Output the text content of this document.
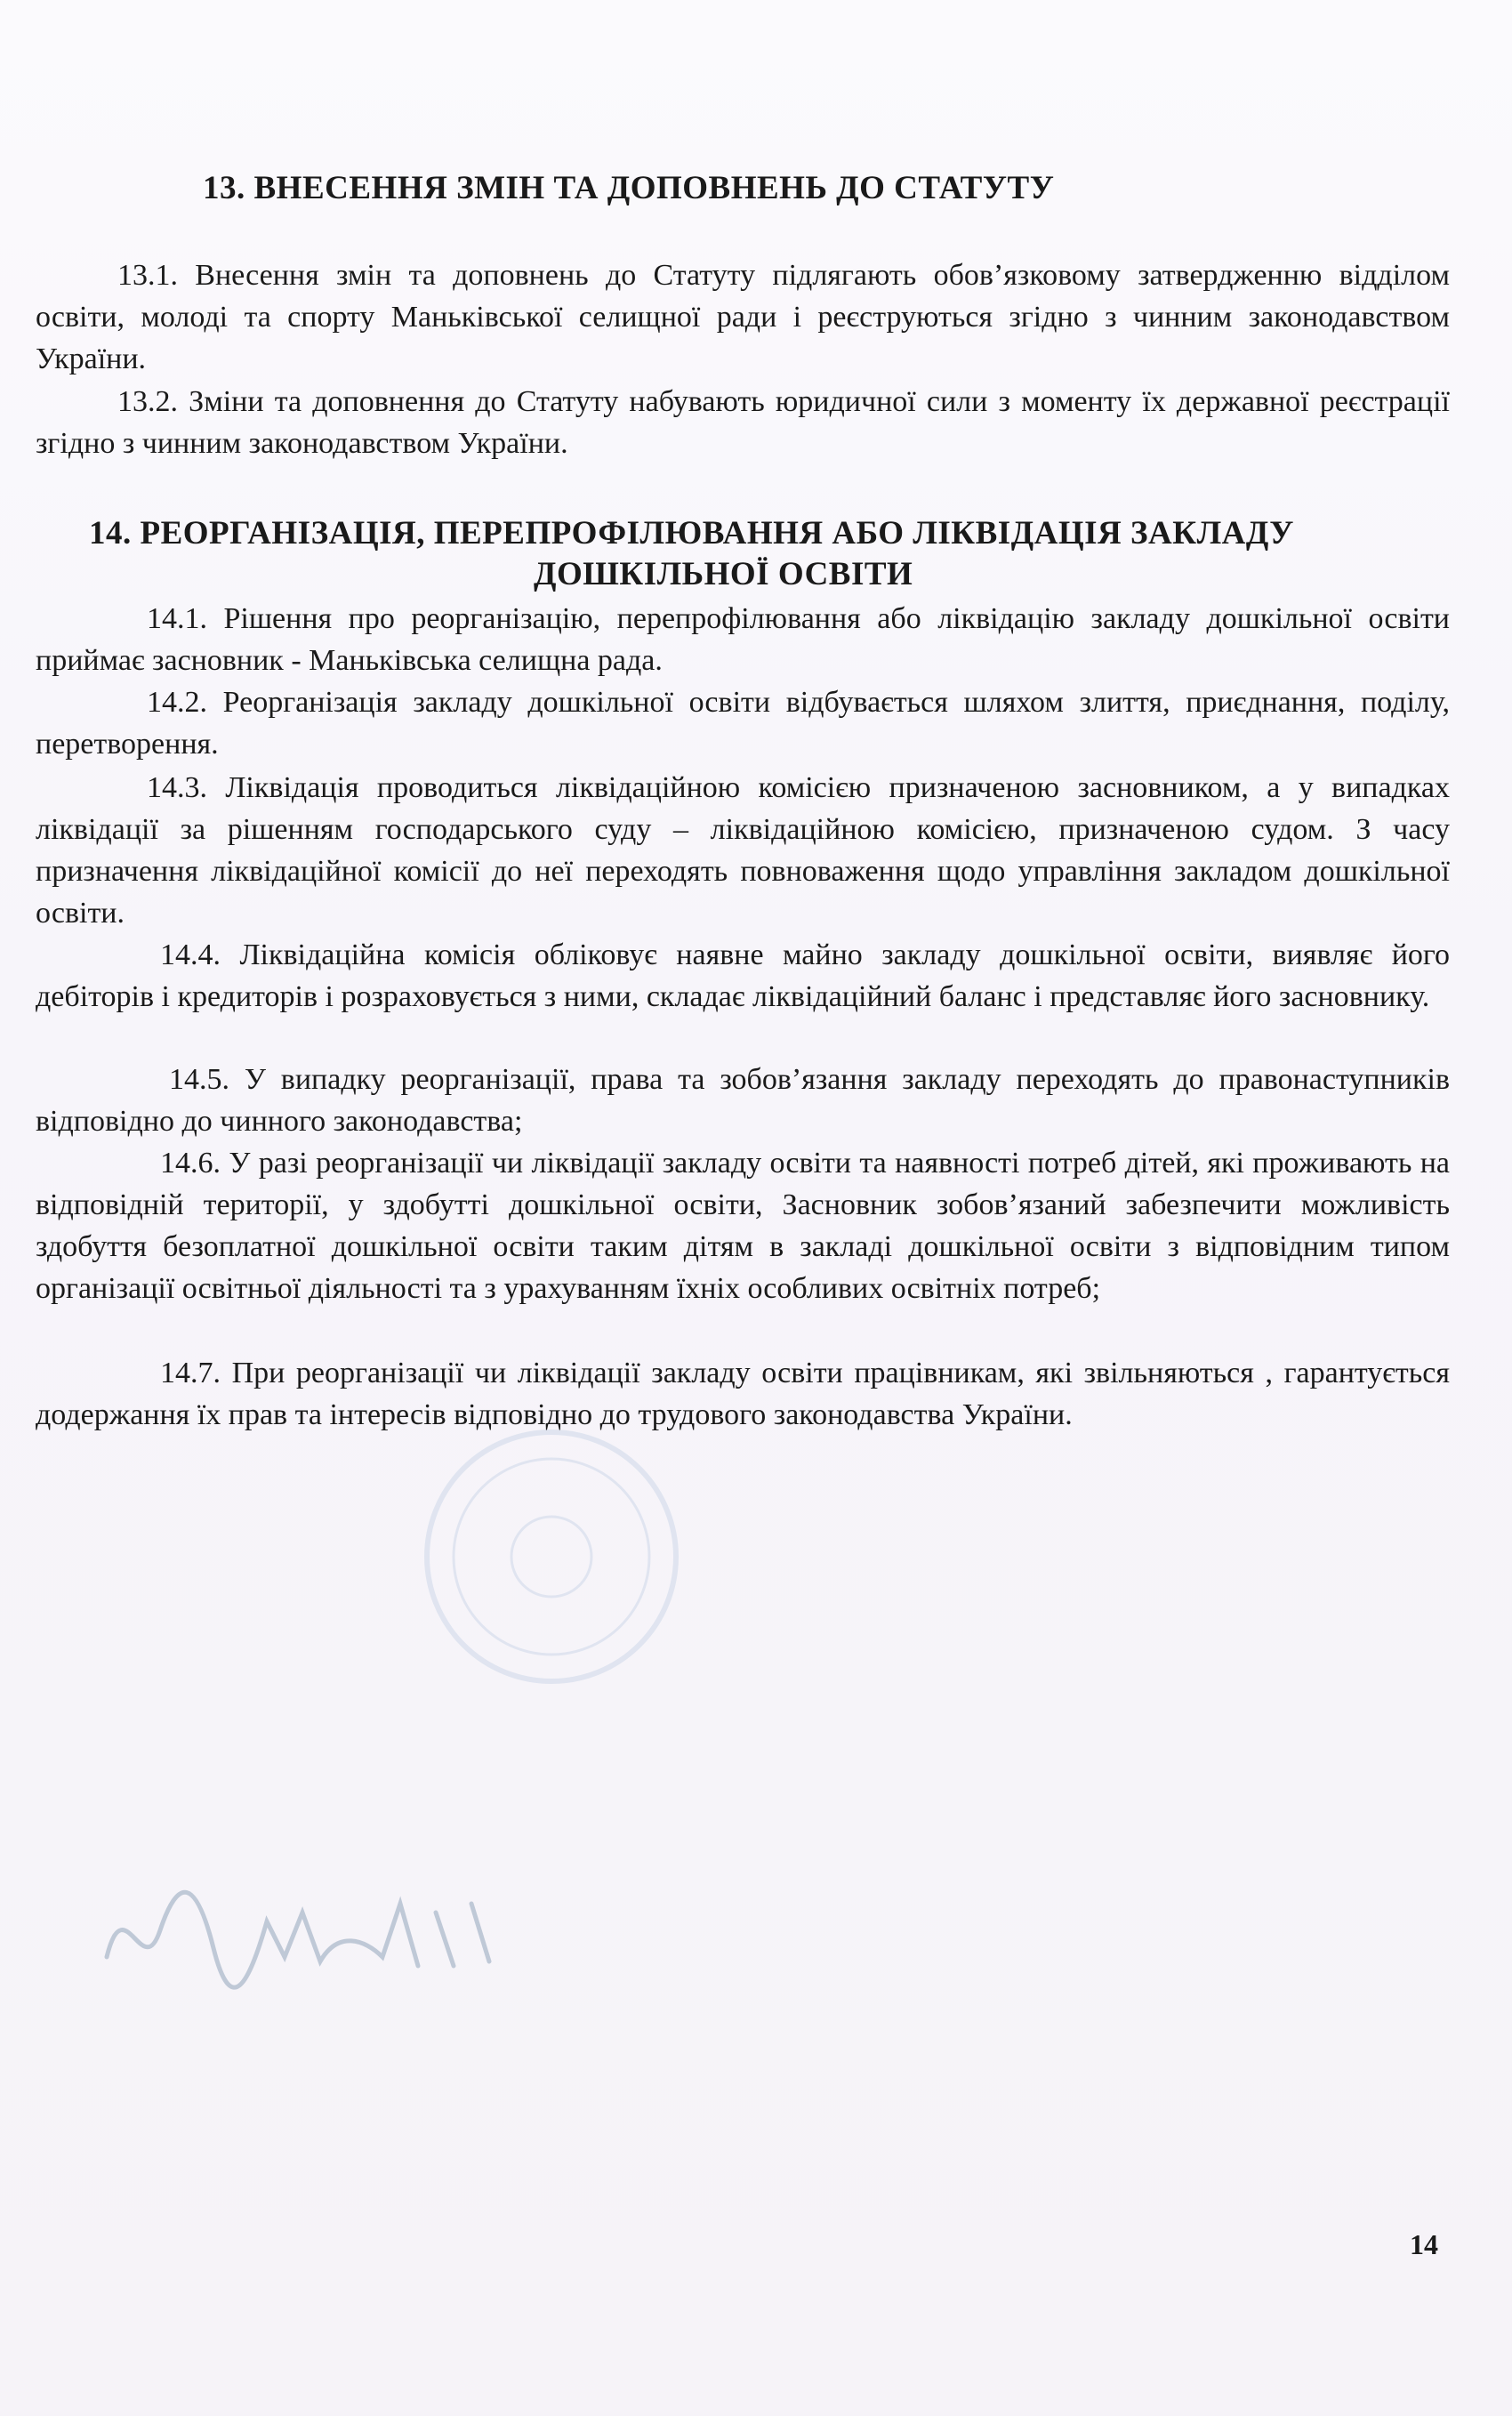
13. ВНЕСЕННЯ ЗМІН ТА ДОПОВНЕНЬ ДО СТАТУТУ
13.1. Внесення змін та доповнень до Статуту підлягають обов’язковому затвердженню відділом освіти, молоді та спорту Маньківської селищної ради і реєструються згідно з чинним законодавством України.
13.2. Зміни та доповнення до Статуту набувають юридичної сили з моменту їх державної реєстрації згідно з чинним законодавством України.
14. РЕОРГАНІЗАЦІЯ, ПЕРЕПРОФІЛЮВАННЯ АБО ЛІКВІДАЦІЯ ЗАКЛАДУ
ДОШКІЛЬНОЇ ОСВІТИ
14.1. Рішення про реорганізацію, перепрофілювання або ліквідацію закладу дошкільної освіти приймає засновник - Маньківська селищна рада.
14.2. Реорганізація закладу дошкільної освіти відбувається шляхом злиття, приєднання, поділу, перетворення.
14.3. Ліквідація проводиться ліквідаційною комісією призначеною засновником, а у випадках ліквідації за рішенням господарського суду – ліквідаційною комісією, призначеною судом. З часу призначення ліквідаційної комісії до неї переходять повноваження щодо управління закладом дошкільної освіти.
14.4. Ліквідаційна комісія обліковує наявне майно закладу дошкільної освіти, виявляє його дебіторів і кредиторів і розраховується з ними, складає ліквідаційний баланс і представляє його засновнику.
14.5. У випадку реорганізації, права та зобов’язання закладу переходять до правонаступників відповідно до чинного законодавства;
14.6. У разі реорганізації чи ліквідації закладу освіти та наявності потреб дітей, які проживають на відповідній території, у здобутті дошкільної освіти, Засновник зобов’язаний забезпечити можливість здобуття безоплатної дошкільної освіти таким дітям в закладі дошкільної освіти з відповідним типом організації освітньої діяльності та з урахуванням їхніх особливих освітніх потреб;
14.7. При реорганізації чи ліквідації закладу освіти працівникам, які звільняються , гарантується додержання їх прав та інтересів відповідно до трудового законодавства України.
14
